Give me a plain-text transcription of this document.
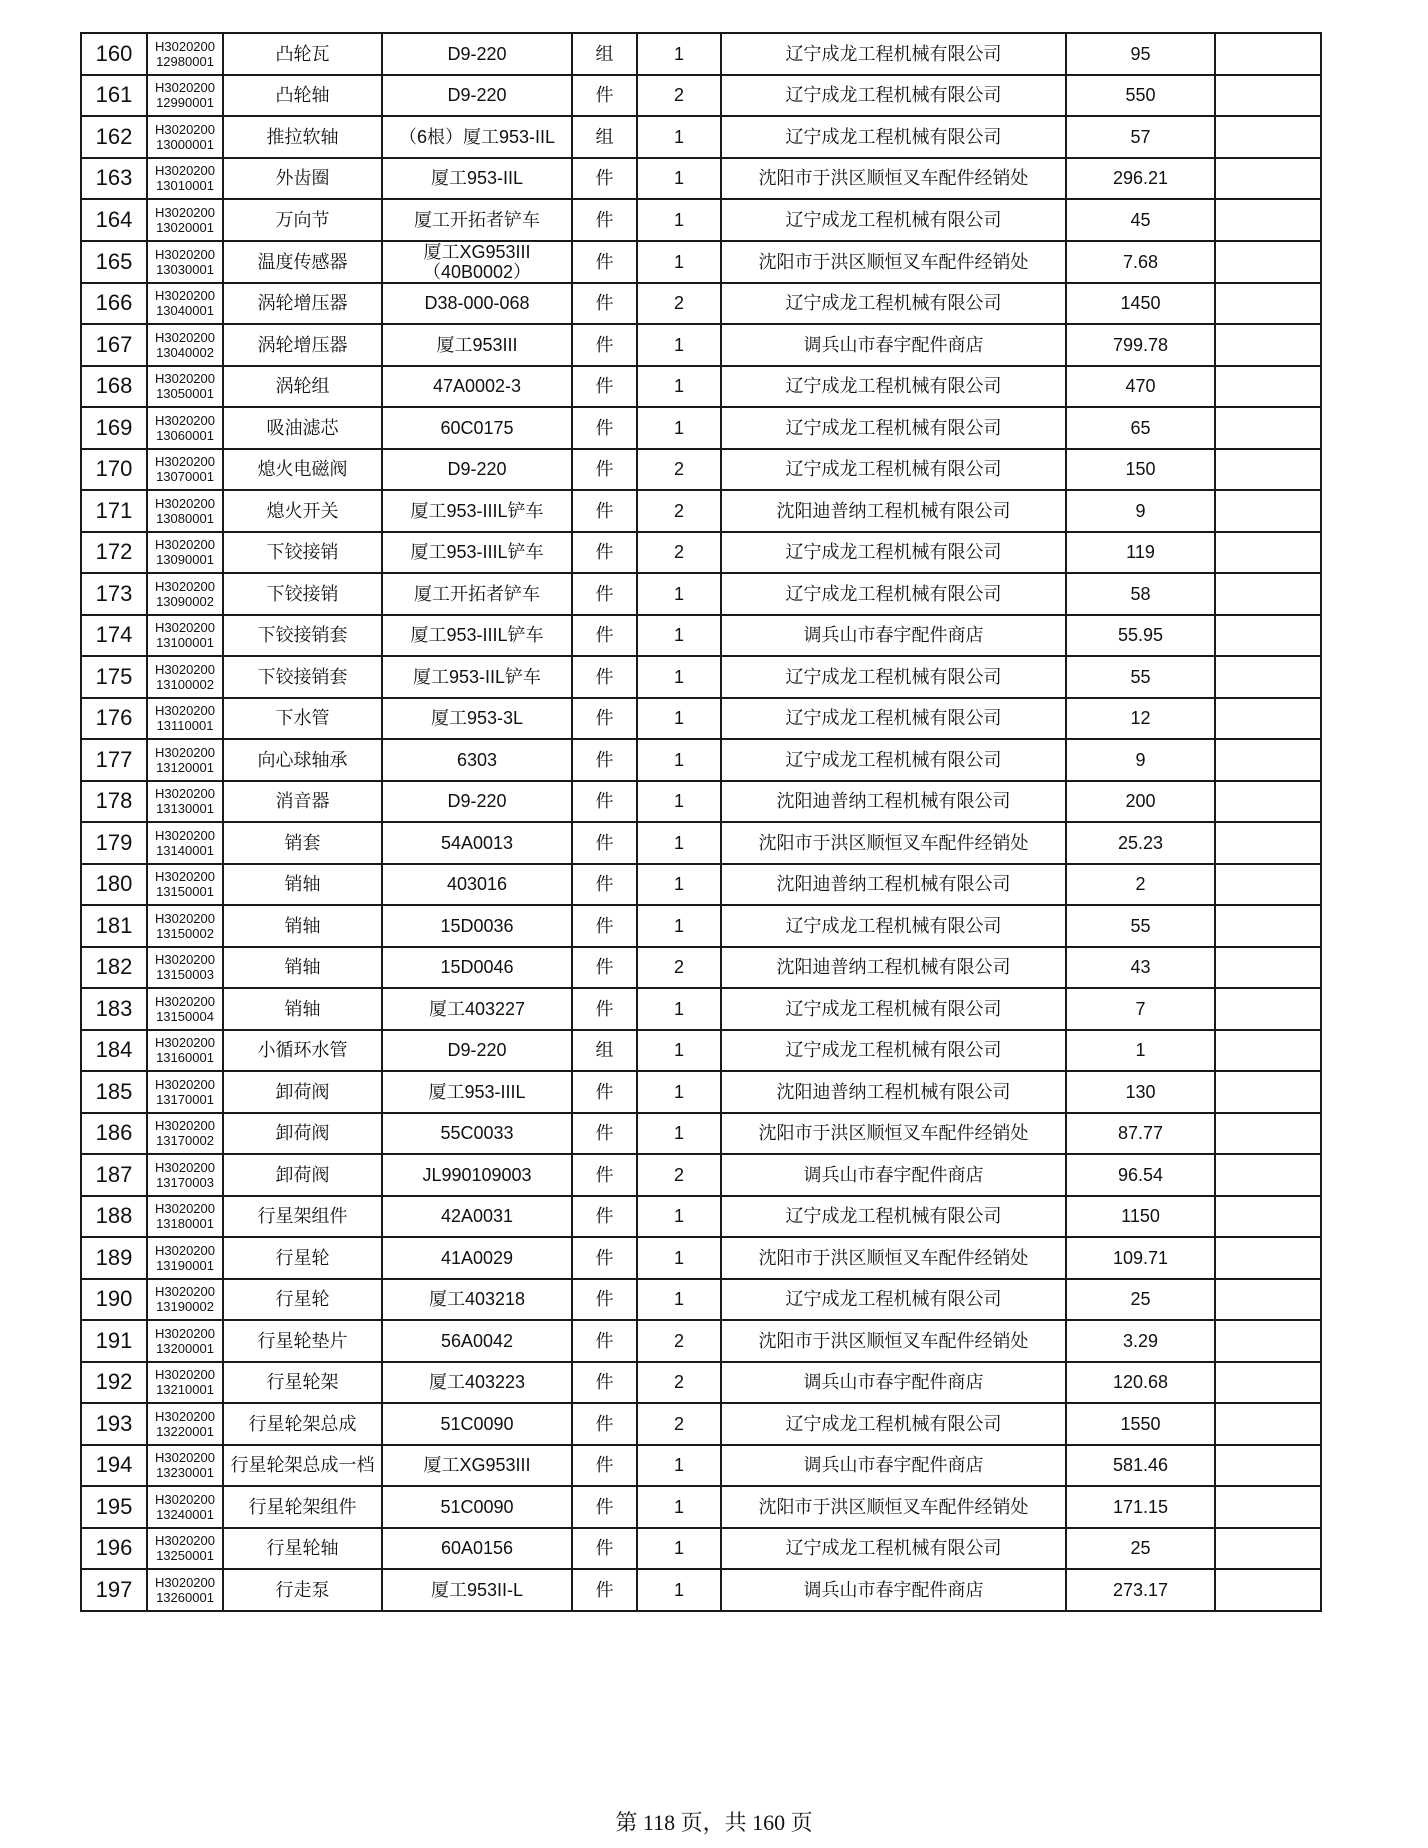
160	H3020200 12980001	凸轮瓦	D9-220	组	1	辽宁成龙工程机械有限公司	95	
161	H3020200 12990001	凸轮轴	D9-220	件	2	辽宁成龙工程机械有限公司	550	
162	H3020200 13000001	推拉软轴	（6根）厦工953-IIL	组	1	辽宁成龙工程机械有限公司	57	
163	H3020200 13010001	外齿圈	厦工953-IIL	件	1	沈阳市于洪区顺恒叉车配件经销处	296.21	
164	H3020200 13020001	万向节	厦工开拓者铲车	件	1	辽宁成龙工程机械有限公司	45	
165	H3020200 13030001	温度传感器	厦工XG953III （40B0002）	件	1	沈阳市于洪区顺恒叉车配件经销处	7.68	
166	H3020200 13040001	涡轮增压器	D38-000-068	件	2	辽宁成龙工程机械有限公司	1450	
167	H3020200 13040002	涡轮增压器	厦工953III	件	1	调兵山市春宇配件商店	799.78	
168	H3020200 13050001	涡轮组	47A0002-3	件	1	辽宁成龙工程机械有限公司	470	
169	H3020200 13060001	吸油滤芯	60C0175	件	1	辽宁成龙工程机械有限公司	65	
170	H3020200 13070001	熄火电磁阀	D9-220	件	2	辽宁成龙工程机械有限公司	150	
171	H3020200 13080001	熄火开关	厦工953-IIIL铲车	件	2	沈阳迪普纳工程机械有限公司	9	
172	H3020200 13090001	下铰接销	厦工953-IIIL铲车	件	2	辽宁成龙工程机械有限公司	119	
173	H3020200 13090002	下铰接销	厦工开拓者铲车	件	1	辽宁成龙工程机械有限公司	58	
174	H3020200 13100001	下铰接销套	厦工953-IIIL铲车	件	1	调兵山市春宇配件商店	55.95	
175	H3020200 13100002	下铰接销套	厦工953-IIL铲车	件	1	辽宁成龙工程机械有限公司	55	
176	H3020200 13110001	下水管	厦工953-3L	件	1	辽宁成龙工程机械有限公司	12	
177	H3020200 13120001	向心球轴承	6303	件	1	辽宁成龙工程机械有限公司	9	
178	H3020200 13130001	消音器	D9-220	件	1	沈阳迪普纳工程机械有限公司	200	
179	H3020200 13140001	销套	54A0013	件	1	沈阳市于洪区顺恒叉车配件经销处	25.23	
180	H3020200 13150001	销轴	403016	件	1	沈阳迪普纳工程机械有限公司	2	
181	H3020200 13150002	销轴	15D0036	件	1	辽宁成龙工程机械有限公司	55	
182	H3020200 13150003	销轴	15D0046	件	2	沈阳迪普纳工程机械有限公司	43	
183	H3020200 13150004	销轴	厦工403227	件	1	辽宁成龙工程机械有限公司	7	
184	H3020200 13160001	小循环水管	D9-220	组	1	辽宁成龙工程机械有限公司	1	
185	H3020200 13170001	卸荷阀	厦工953-IIIL	件	1	沈阳迪普纳工程机械有限公司	130	
186	H3020200 13170002	卸荷阀	55C0033	件	1	沈阳市于洪区顺恒叉车配件经销处	87.77	
187	H3020200 13170003	卸荷阀	JL990109003	件	2	调兵山市春宇配件商店	96.54	
188	H3020200 13180001	行星架组件	42A0031	件	1	辽宁成龙工程机械有限公司	1150	
189	H3020200 13190001	行星轮	41A0029	件	1	沈阳市于洪区顺恒叉车配件经销处	109.71	
190	H3020200 13190002	行星轮	厦工403218	件	1	辽宁成龙工程机械有限公司	25	
191	H3020200 13200001	行星轮垫片	56A0042	件	2	沈阳市于洪区顺恒叉车配件经销处	3.29	
192	H3020200 13210001	行星轮架	厦工403223	件	2	调兵山市春宇配件商店	120.68	
193	H3020200 13220001	行星轮架总成	51C0090	件	2	辽宁成龙工程机械有限公司	1550	
194	H3020200 13230001	行星轮架总成一档	厦工XG953III	件	1	调兵山市春宇配件商店	581.46	
195	H3020200 13240001	行星轮架组件	51C0090	件	1	沈阳市于洪区顺恒叉车配件经销处	171.15	
196	H3020200 13250001	行星轮轴	60A0156	件	1	辽宁成龙工程机械有限公司	25	
197	H3020200 13260001	行走泵	厦工953II-L	件	1	调兵山市春宇配件商店	273.17	
第 118 页，共 160 页
